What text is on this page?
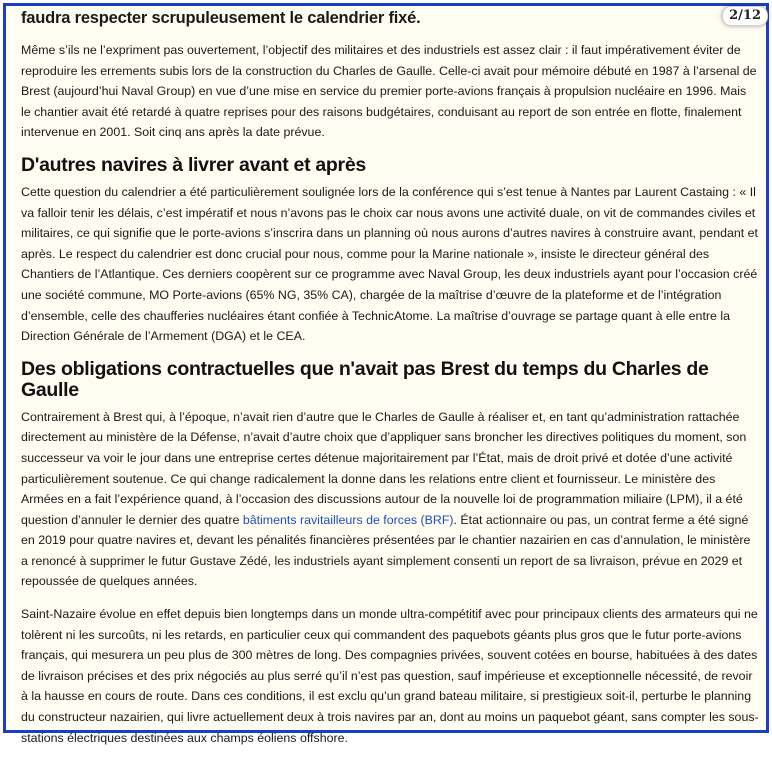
faudra respecter scrupuleusement le calendrier fixé.

Même s’ils ne l’expriment pas ouvertement, l’objectif des militaires et des industriels est assez clair : il faut impérativement éviter de reproduire les errements subis lors de la construction du Charles de Gaulle. Celle-ci avait pour mémoire débuté en 1987 à l’arsenal de Brest (aujourd’hui Naval Group) en vue d’une mise en service du premier porte-avions français à propulsion nucléaire en 1996. Mais le chantier avait été retardé à quatre reprises pour des raisons budgétaires, conduisant au report de son entrée en flotte, finalement intervenue en 2001. Soit cinq ans après la date prévue.

D'autres navires à livrer avant et après

Cette question du calendrier a été particulièrement soulignée lors de la conférence qui s’est tenue à Nantes par Laurent Castaing : « Il va falloir tenir les délais, c’est impératif et nous n’avons pas le choix car nous avons une activité duale, on vit de commandes civiles et militaires, ce qui signifie que le porte-avions s’inscrira dans un planning où nous aurons d’autres navires à construire avant, pendant et après. Le respect du calendrier est donc crucial pour nous, comme pour la Marine nationale », insiste le directeur général des Chantiers de l’Atlantique. Ces derniers coopèrent sur ce programme avec Naval Group, les deux industriels ayant pour l’occasion créé une société commune, MO Porte-avions (65% NG, 35% CA), chargée de la maîtrise d’œuvre de la plateforme et de l’intégration d’ensemble, celle des chaufferies nucléaires étant confiée à TechnicAtome. La maîtrise d’ouvrage se partage quant à elle entre la Direction Générale de l’Armement (DGA) et le CEA.

Des obligations contractuelles que n'avait pas Brest du temps du Charles de Gaulle

Contrairement à Brest qui, à l’époque, n’avait rien d’autre que le Charles de Gaulle à réaliser et, en tant qu’administration rattachée directement au ministère de la Défense, n’avait d’autre choix que d’appliquer sans broncher les directives politiques du moment, son successeur va voir le jour dans une entreprise certes détenue majoritairement par l’État, mais de droit privé et dotée d’une activité particulièrement soutenue. Ce qui change radicalement la donne dans les relations entre client et fournisseur. Le ministère des Armées en a fait l’expérience quand, à l’occasion des discussions autour de la nouvelle loi de programmation miliaire (LPM), il a été question d’annuler le dernier des quatre bâtiments ravitailleurs de forces (BRF). État actionnaire ou pas, un contrat ferme a été signé en 2019 pour quatre navires et, devant les pénalités financières présentées par le chantier nazairien en cas d’annulation, le ministère a renoncé à supprimer le futur Gustave Zédé, les industriels ayant simplement consenti un report de sa livraison, prévue en 2029 et repoussée de quelques années.

Saint-Nazaire évolue en effet depuis bien longtemps dans un monde ultra-compétitif avec pour principaux clients des armateurs qui ne tolèrent ni les surcoûts, ni les retards, en particulier ceux qui commandent des paquebots géants plus gros que le futur porte-avions français, qui mesurera un peu plus de 300 mètres de long. Des compagnies privées, souvent cotées en bourse, habituées à des dates de livraison précises et des prix négociés au plus serré qu’il n’est pas question, sauf impérieuse et exceptionnelle nécessité, de revoir à la hausse en cours de route. Dans ces conditions, il est exclu qu’un grand bateau militaire, si prestigieux soit-il, perturbe le planning du constructeur nazairien, qui livre actuellement deux à trois navires par an, dont au moins un paquebot géant, sans compter les sous-stations électriques destinées aux champs éoliens offshore.

2/12
